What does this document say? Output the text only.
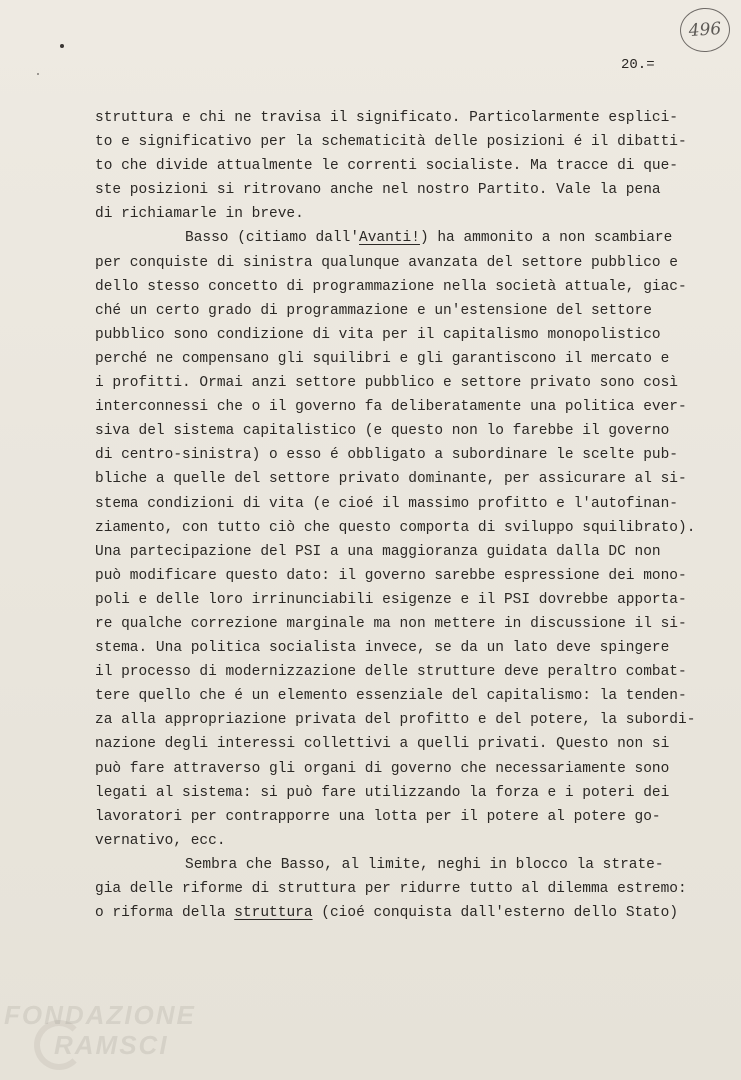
496
20.=

struttura e chi ne travisa il significato. Particolarmente esplici-
to e significativo per la schematicità delle posizioni é il dibatti-
to che divide attualmente le correnti socialiste. Ma tracce di que-
ste posizioni si ritrovano anche nel nostro Partito. Vale la pena
di richiamarle in breve.

Basso (citiamo dall'Avanti!) ha ammonito a non scambiare
per conquiste di sinistra qualunque avanzata del settore pubblico e
dello stesso concetto di programmazione nella società attuale, giac-
ché un certo grado di programmazione e un'estensione del settore
pubblico sono condizione di vita per il capitalismo monopolistico
perché ne compensano gli squilibri e gli garantiscono il mercato e
i profitti. Ormai anzi settore pubblico e settore privato sono così
interconnessi che o il governo fa deliberatamente una politica ever-
siva del sistema capitalistico (e questo non lo farebbe il governo
di centro-sinistra) o esso é obbligato a subordinare le scelte pub-
bliche a quelle del settore privato dominante, per assicurare al si-
stema condizioni di vita (e cioé il massimo profitto e l'autofinan-
ziamento, con tutto ciò che questo comporta di sviluppo squilibrato).
Una partecipazione del PSI a una maggioranza guidata dalla DC non
può modificare questo dato: il governo sarebbe espressione dei mono-
poli e delle loro irrinunciabili esigenze e il PSI dovrebbe apporta-
re qualche correzione marginale ma non mettere in discussione il si-
stema. Una politica socialista invece, se da un lato deve spingere
il processo di modernizzazione delle strutture deve peraltro combat-
tere quello che é un elemento essenziale del capitalismo: la tenden-
za alla appropriazione privata del profitto e del potere, la subordi-
nazione degli interessi collettivi a quelli privati. Questo non si
può fare attraverso gli organi di governo che necessariamente sono
legati al sistema: si può fare utilizzando la forza e i poteri dei
lavoratori per contrapporre una lotta per il potere al potere go-
vernativo, ecc.

Sembra che Basso, al limite, neghi in blocco la strate-
gia delle riforme di struttura per ridurre tutto al dilemma estremo:
o riforma della struttura (cioé conquista dall'esterno dello Stato)

FONDAZIONE
RAMSCI
